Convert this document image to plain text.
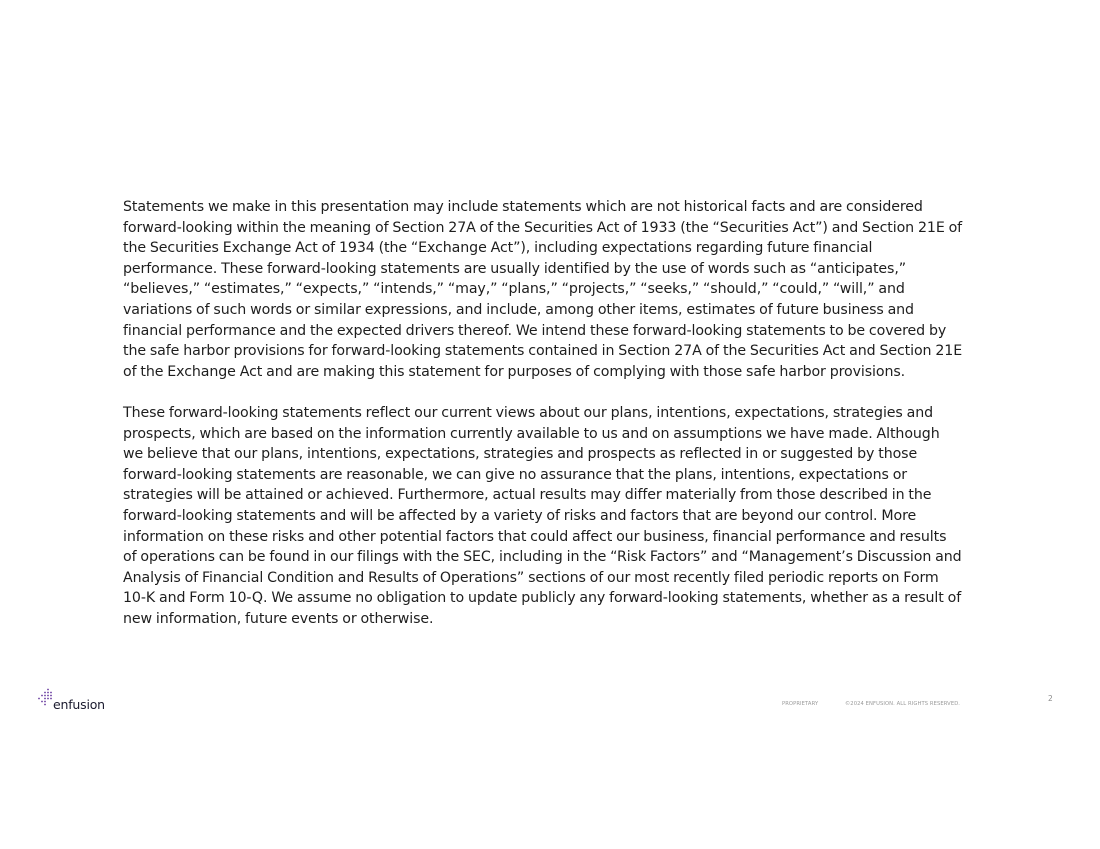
Statements we make in this presentation may include statements which are not historical facts and are considered forward-looking within the meaning of Section 27A of the Securities Act of 1933 (the “Securities Act”) and Section 21E of the Securities Exchange Act of 1934 (the “Exchange Act”), including expectations regarding future financial performance. These forward-looking statements are usually identified by the use of words such as “anticipates,” “believes,” “estimates,” “expects,” “intends,” “may,” “plans,” “projects,” “seeks,” “should,” “could,” “will,” and variations of such words or similar expressions, and include, among other items, estimates of future business and financial performance and the expected drivers thereof. We intend these forward-looking statements to be covered by the safe harbor provisions for forward-looking statements contained in Section 27A of the Securities Act and Section 21E of the Exchange Act and are making this statement for purposes of complying with those safe harbor provisions.

These forward-looking statements reflect our current views about our plans, intentions, expectations, strategies and prospects, which are based on the information currently available to us and on assumptions we have made. Although we believe that our plans, intentions, expectations, strategies and prospects as reflected in or suggested by those forward-looking statements are reasonable, we can give no assurance that the plans, intentions, expectations or strategies will be attained or achieved. Furthermore, actual results may differ materially from those described in the forward-looking statements and will be affected by a variety of risks and factors that are beyond our control. More information on these risks and other potential factors that could affect our business, financial performance and results of operations can be found in our filings with the SEC, including in the “Risk Factors” and “Management’s Discussion and Analysis of Financial Condition and Results of Operations” sections of our most recently filed periodic reports on Form 10-K and Form 10-Q. We assume no obligation to update publicly any forward-looking statements, whether as a result of new information, future events or otherwise.

enfusion	PROPRIETARY	©2024 ENFUSION. ALL RIGHTS RESERVED.
2
